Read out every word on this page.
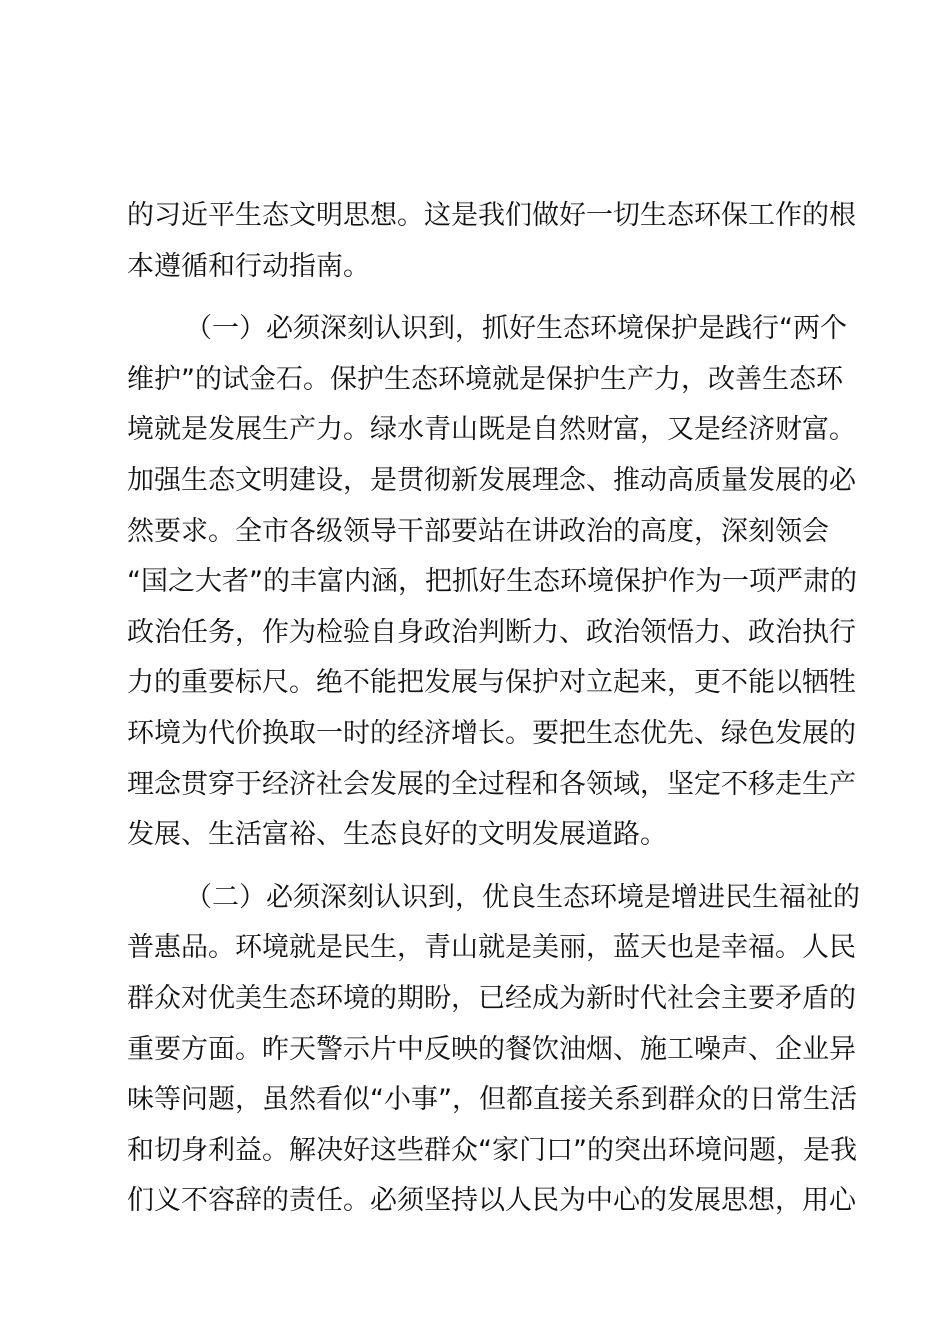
的习近平生态文明思想。这是我们做好一切生态环保工作的根
本遵循和行动指南。
（一）必须深刻认识到，抓好生态环境保护是践行“两个
维护”的试金石。保护生态环境就是保护生产力，改善生态环
境就是发展生产力。绿水青山既是自然财富，又是经济财富。
加强生态文明建设，是贯彻新发展理念、推动高质量发展的必
然要求。全市各级领导干部要站在讲政治的高度，深刻领会
“国之大者”的丰富内涵，把抓好生态环境保护作为一项严肃的
政治任务，作为检验自身政治判断力、政治领悟力、政治执行
力的重要标尺。绝不能把发展与保护对立起来，更不能以牺牲
环境为代价换取一时的经济增长。要把生态优先、绿色发展的
理念贯穿于经济社会发展的全过程和各领域，坚定不移走生产
发展、生活富裕、生态良好的文明发展道路。
（二）必须深刻认识到，优良生态环境是增进民生福祉的
普惠品。环境就是民生，青山就是美丽，蓝天也是幸福。人民
群众对优美生态环境的期盼，已经成为新时代社会主要矛盾的
重要方面。昨天警示片中反映的餐饮油烟、施工噪声、企业异
味等问题，虽然看似“小事”，但都直接关系到群众的日常生活
和切身利益。解决好这些群众“家门口”的突出环境问题，是我
们义不容辞的责任。必须坚持以人民为中心的发展思想，用心
